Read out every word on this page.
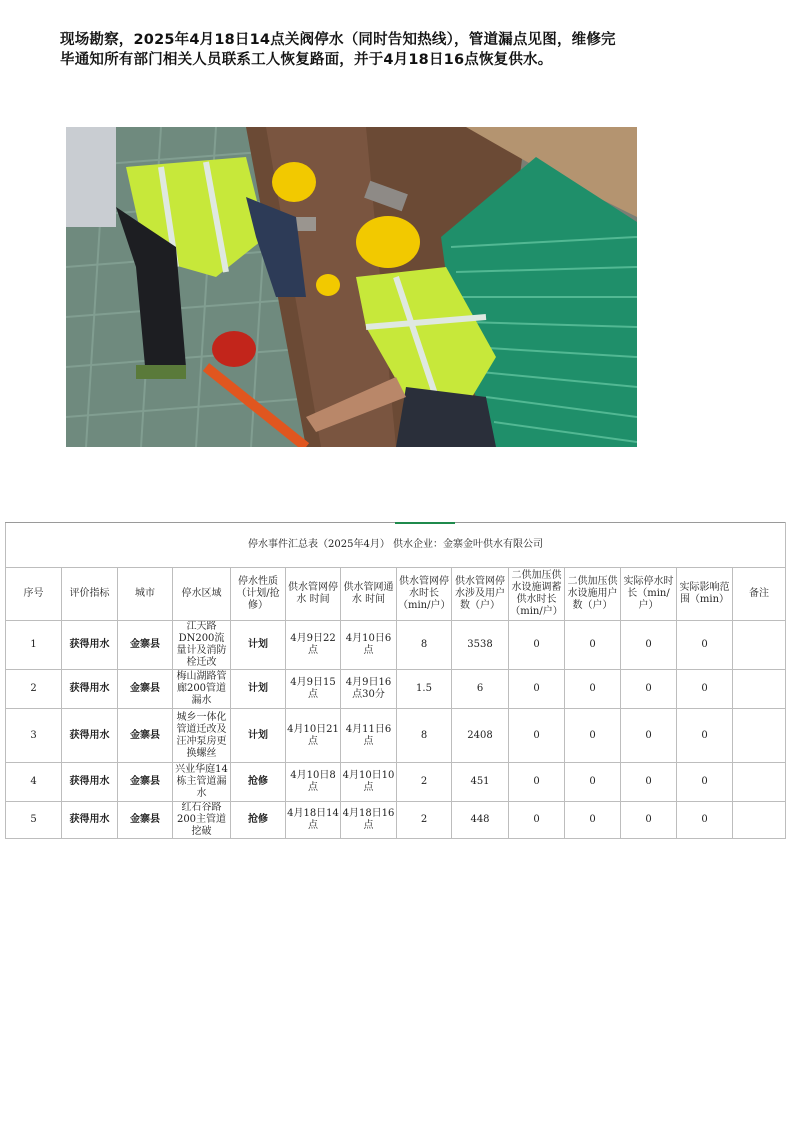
现场勘察，2025年4月18日14点关阀停水（同时告知热线），管道漏点见图，维修完
毕通知所有部门相关人员联系工人恢复路面，并于4月18日16点恢复供水。
停水事件汇总表（2025年4月） 供水企业：金寨金叶供水有限公司													
序号	评价指标	城市	停水区域	停水性质（计划/抢修）	供水管网停水 时间	供水管网通水 时间	供水管网停水时长（min/户）	供水管网停水涉及用户数（户）	二供加压供水设施调蓄供水时长（min/户）	二供加压供水设施用户数（户）	实际停水时长（min/户）	实际影响范围（min）	备注
1	获得用水	金寨县	江天路DN200流量计及消防栓迁改	计划	4月9日22点	4月10日6点	8	3538	0	0	0	0	
2	获得用水	金寨县	梅山湖路管廊200管道漏水	计划	4月9日15点	4月9日16点30分	1.5	6	0	0	0	0	
3	获得用水	金寨县	城乡一体化管道迁改及汪冲泵房更换螺丝	计划	4月10日21点	4月11日6点	8	2408	0	0	0	0	
4	获得用水	金寨县	兴业华庭14栋主管道漏水	抢修	4月10日8点	4月10日10点	2	451	0	0	0	0	
5	获得用水	金寨县	红石谷路200主管道挖破	抢修	4月18日14点	4月18日16点	2	448	0	0	0	0	
